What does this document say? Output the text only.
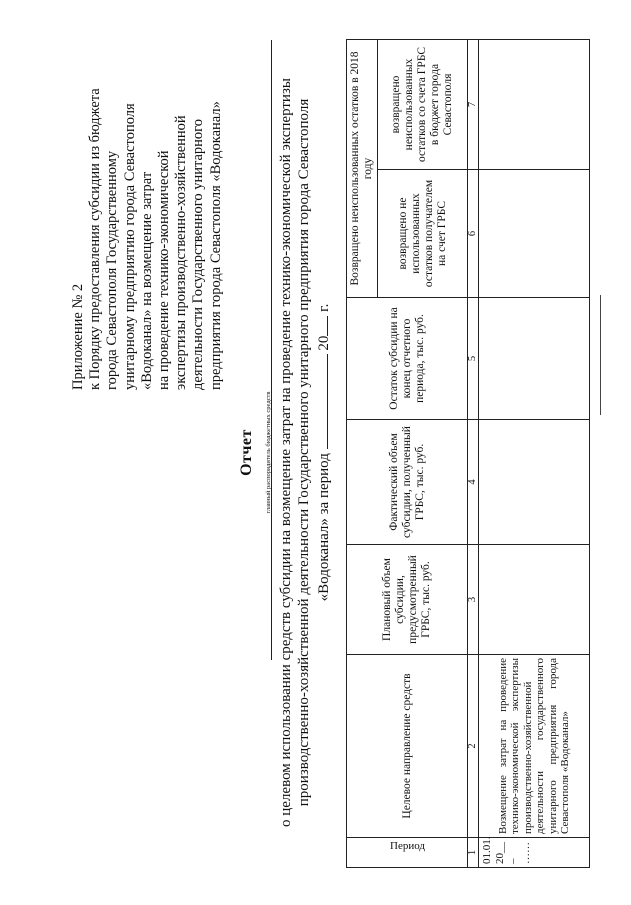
Приложение № 2 к Порядку предоставления субсидии из бюджета города Севастополя Государственному унитарному предприятию города Севастополя «Водоканал» на возмещение затрат на проведение технико-экономической экспертизы производственно-хозяйственной деятельности Государственного унитарного предприятия города Севастополя «Водоканал»
Отчет главный распорядитель бюджетных средств о целевом использовании средств субсидии на возмещение затрат на проведение технико-экономической экспертизы производственно-хозяйственной деятельности Государственного унитарного предприятия города Севастополя «Водоканал» за период  20 г.
Период	Целевое направление средств	Плановый объем субсидии, предусмотренный ГРБС, тыс. руб.	Фактический объем субсидии, полученный ГРБС, тыс. руб.	Остаток субсидии на конец отчетного периода, тыс. руб.	Возвращено неиспользованных остатков в 2018 году	
					возвращено не использованных остатков получателем на счет ГРБС	возвращено неиспользованных остатков со счета ГРБС в бюджет города Севастополя
1	2	3	4	5	6	7
01.01. 20__ – ……	Возмещение затрат на проведение технико-экономической экспертизы производственно-хозяйственной деятельности государственного унитарного предприятия города Севастополя «Водоканал»					
